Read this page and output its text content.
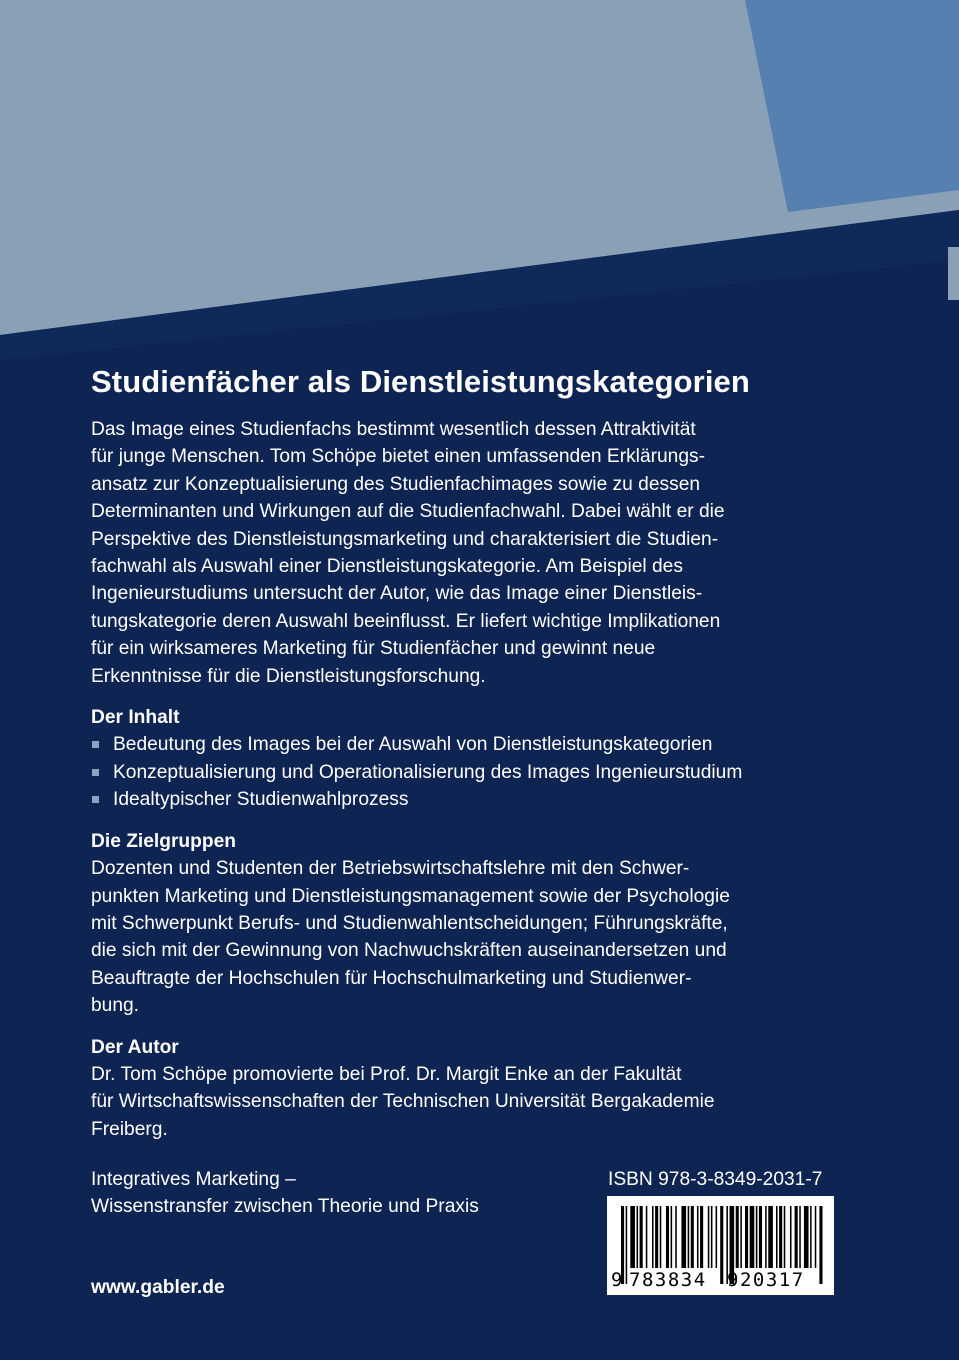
Studienfächer als Dienstleistungskategorien

Das Image eines Studienfachs bestimmt wesentlich dessen Attraktivität
für junge Menschen. Tom Schöpe bietet einen umfassenden Erklärungs-
ansatz zur Konzeptualisierung des Studienfachimages sowie zu dessen
Determinanten und Wirkungen auf die Studienfachwahl. Dabei wählt er die
Perspektive des Dienstleistungsmarketing und charakterisiert die Studien-
fachwahl als Auswahl einer Dienstleistungskategorie. Am Beispiel des
Ingenieurstudiums untersucht der Autor, wie das Image einer Dienstleis-
tungskategorie deren Auswahl beeinflusst. Er liefert wichtige Implikationen
für ein wirksameres Marketing für Studienfächer und gewinnt neue
Erkenntnisse für die Dienstleistungsforschung.

Der Inhalt
Bedeutung des Images bei der Auswahl von Dienstleistungskategorien
Konzeptualisierung und Operationalisierung des Images Ingenieurstudium
Idealtypischer Studienwahlprozess
Die Zielgruppen

Dozenten und Studenten der Betriebswirtschaftslehre mit den Schwer-
punkten Marketing und Dienstleistungsmanagement sowie der Psychologie
mit Schwerpunkt Berufs- und Studienwahlentscheidungen; Führungskräfte,
die sich mit der Gewinnung von Nachwuchskräften auseinandersetzen und
Beauftragte der Hochschulen für Hochschulmarketing und Studienwer-
bung.

Der Autor

Dr. Tom Schöpe promovierte bei Prof. Dr. Margit Enke an der Fakultät
für Wirtschaftswissenschaften der Technischen Universität Bergakademie
Freiberg.

Integratives Marketing –
Wissenstransfer zwischen Theorie und Praxis
ISBN 978-3-8349-2031-7
9 783834 920317
www.gabler.de
